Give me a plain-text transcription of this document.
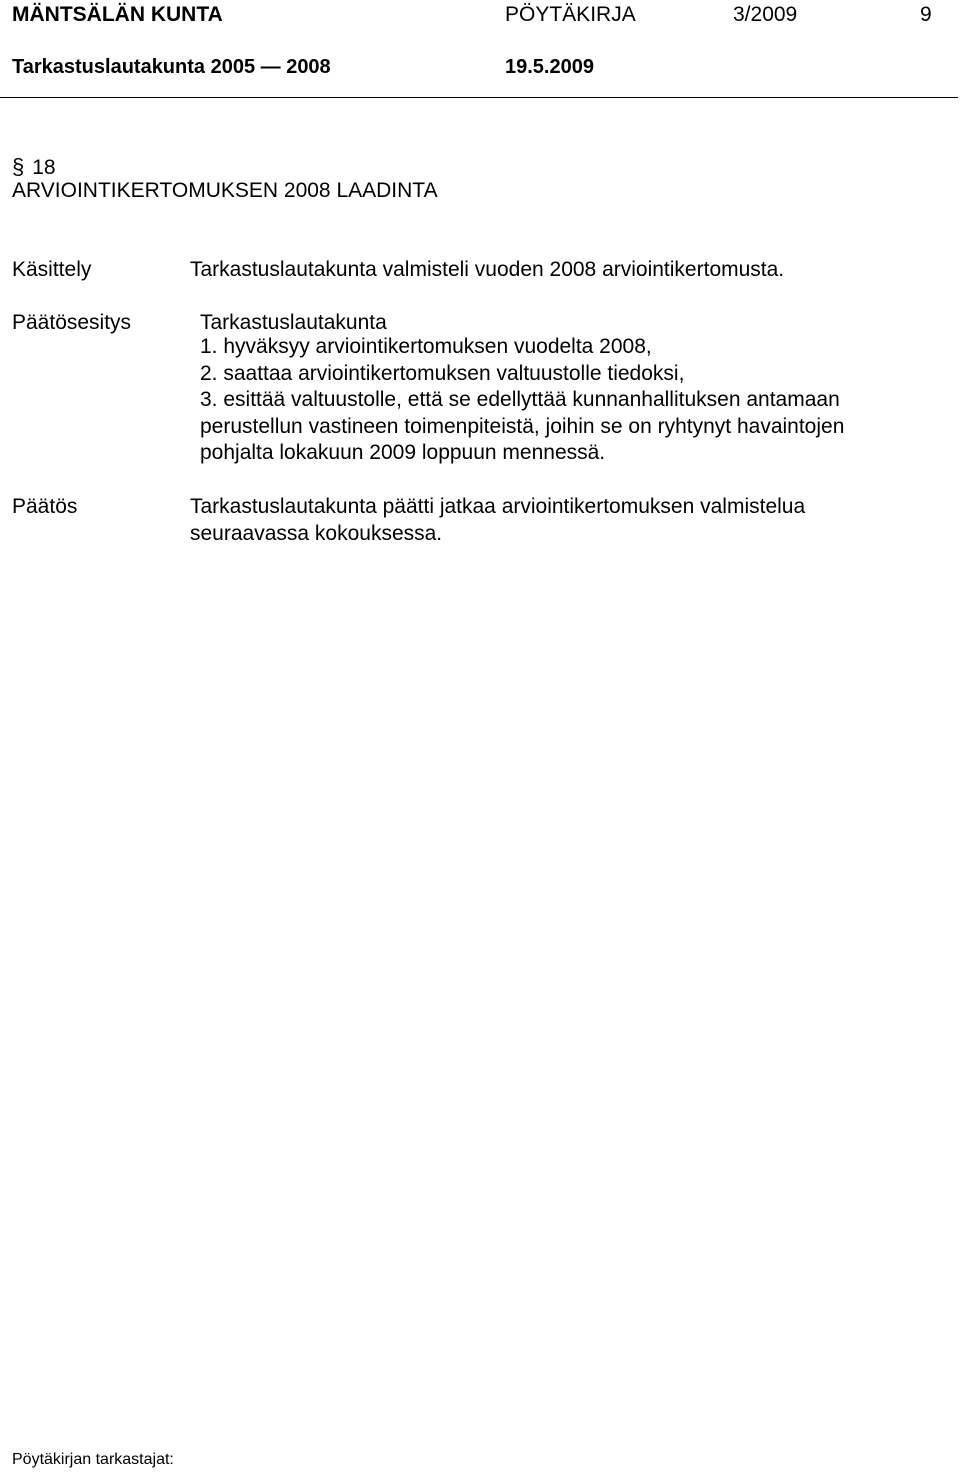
MÄNTSÄLÄN KUNTA	PÖYTÄKIRJA	3/2009	9
Tarkastuslautakunta 2005 — 2008	19.5.2009
§ 18
ARVIOINTIKERTOMUKSEN 2008 LAADINTA
Käsittely	Tarkastuslautakunta valmisteli vuoden 2008 arviointikertomusta.
Päätösesitys	Tarkastuslautakunta
1. hyväksyy arviointikertomuksen vuodelta 2008,
2. saattaa arviointikertomuksen valtuustolle tiedoksi,
3. esittää valtuustolle, että se edellyttää kunnanhallituksen antamaan
perustellun vastineen toimenpiteistä, joihin se on ryhtynyt havaintojen
pohjalta lokakuun 2009 loppuun mennessä.
Päätös	Tarkastuslautakunta päätti jatkaa arviointikertomuksen valmistelua
seuraavassa kokouksessa.
Pöytäkirjan tarkastajat:
